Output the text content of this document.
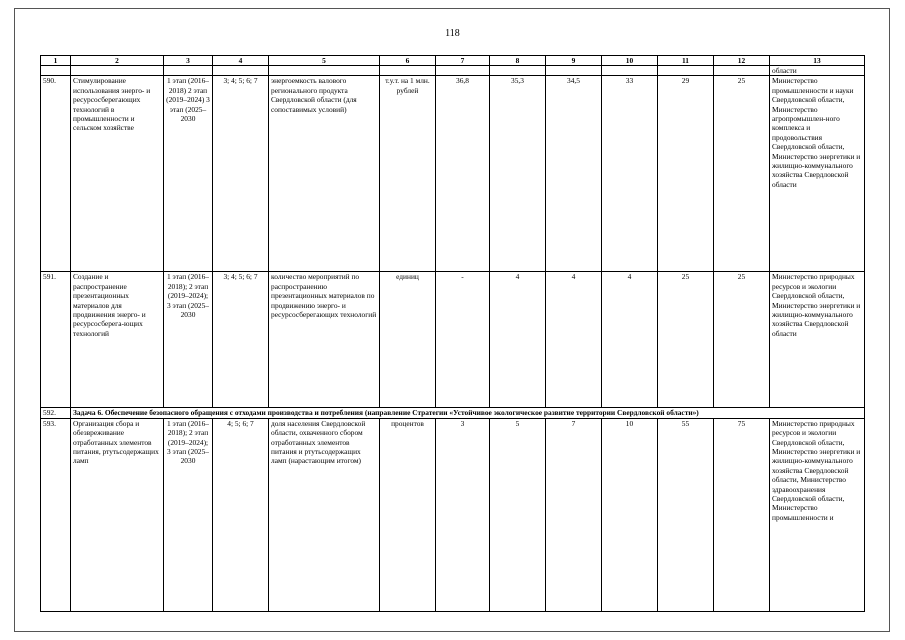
118
1	2	3	4	5	6	7	8	9	10	11	12	13
												области
590.	Стимулирование использования энерго- и ресурсосберегающих технологий в промышленности и сельском хозяйстве	1 этап (2016–2018) 2 этап (2019–2024) 3 этап (2025–2030	3; 4; 5; 6; 7	энергоемкость валового регионального продукта Свердловской области (для сопоставимых условий)	т.у.т. на 1 млн. рублей	36,8	35,3	34,5	33	29	25	Министерство промышленности и науки Свердловской области, Министерство агропромышлен-ного комплекса и продовольствия Свердловской области, Министерство энергетики и жилищно-коммунального хозяйства Свердловской области
591.	Создание и распространение презентационных материалов для продвижения энерго- и ресурсосберега-ющих технологий	1 этап (2016–2018); 2 этап (2019–2024); 3 этап (2025–2030	3; 4; 5; 6; 7	количество мероприятий по распространению презентационных материалов по продвижению энерго- и ресурсосберегающих технологий	единиц	-	4	4	4	25	25	Министерство природных ресурсов и экологии Свердловской области, Министерство энергетики и жилищно-коммунального хозяйства Свердловской области
592.	Задача 6. Обеспечение безопасного обращения с отходами производства и потребления (направление Стратегии «Устойчивое экологическое развитие территории Свердловской области»)											
593.	Организация сбора и обезвреживание отработанных элементов питания, ртутьсодержащих ламп	1 этап (2016–2018); 2 этап (2019–2024); 3 этап (2025–2030	4; 5; 6; 7	доля населения Свердловской области, охваченного сбором отработанных элементов питания и ртутьсодержащих ламп (нарастающим итогом)	процентов	3	5	7	10	55	75	Министерство природных ресурсов и экологии Свердловской области, Министерство энергетики и жилищно-коммунального хозяйства Свердловской области, Министерство здравоохранения Свердловской области, Министерство промышленности и
